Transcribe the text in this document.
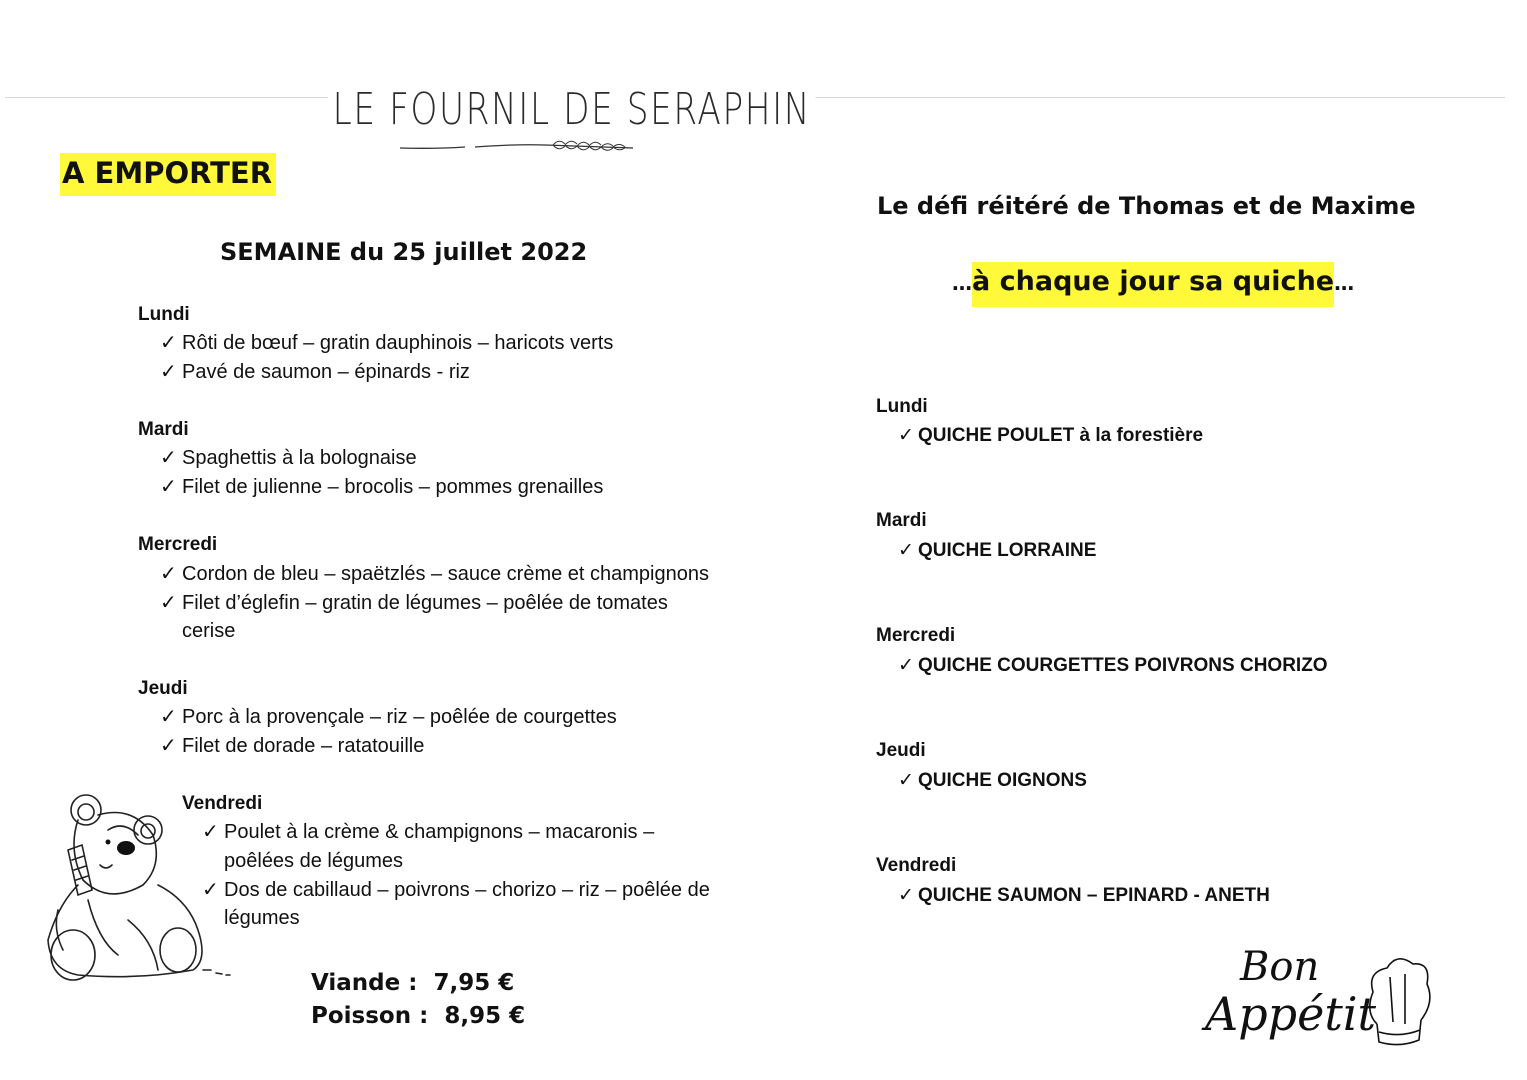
LE FOURNIL DE SERAPHIN
A EMPORTER
SEMAINE du 25 juillet 2022
Lundi
✓ Rôti de bœuf – gratin dauphinois – haricots verts
✓ Pavé de saumon – épinards - riz
Mardi
✓ Spaghettis à la bolognaise
✓ Filet de julienne – brocolis – pommes grenailles
Mercredi
✓ Cordon de bleu – spaëtzlés – sauce crème et champignons
✓ Filet d’églefin – gratin de légumes – poêlée de tomates
cerise
Jeudi
✓ Porc à la provençale – riz – poêlée de courgettes
✓ Filet de dorade – ratatouille
Vendredi
✓ Poulet à la crème & champignons – macaronis –
poêlées de légumes
✓ Dos de cabillaud – poivrons – chorizo – riz – poêlée de
légumes
Viande : 7,95 €
Poisson : 8,95 €
Le défi réitéré de Thomas et de Maxime
…à chaque jour sa quiche…
Lundi
✓ QUICHE POULET à la forestière
Mardi
✓ QUICHE LORRAINE
Mercredi
✓ QUICHE COURGETTES POIVRONS CHORIZO
Jeudi
✓ QUICHE OIGNONS
Vendredi
✓ QUICHE SAUMON – EPINARD - ANETH
Bon
Appétit
